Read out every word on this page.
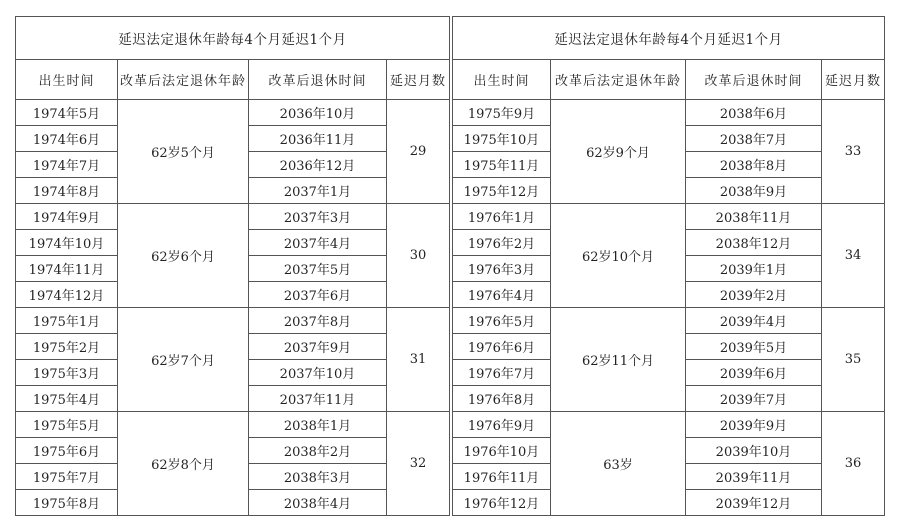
延迟法定退休年龄每4个月延迟1个月			
出生时间	改革后法定退休年龄	改革后退休时间	延迟月数
1974年5月	62岁5个月	2036年10月	29
1974年6月		2036年11月	
1974年7月		2036年12月	
1974年8月		2037年1月	
1974年9月	62岁6个月	2037年3月	30
1974年10月		2037年4月	
1974年11月		2037年5月	
1974年12月		2037年6月	
1975年1月	62岁7个月	2037年8月	31
1975年2月		2037年9月	
1975年3月		2037年10月	
1975年4月		2037年11月	
1975年5月	62岁8个月	2038年1月	32
1975年6月		2038年2月	
1975年7月		2038年3月	
1975年8月		2038年4月	
延迟法定退休年龄每4个月延迟1个月			
出生时间	改革后法定退休年龄	改革后退休时间	延迟月数
1975年9月	62岁9个月	2038年6月	33
1975年10月		2038年7月	
1975年11月		2038年8月	
1975年12月		2038年9月	
1976年1月	62岁10个月	2038年11月	34
1976年2月		2038年12月	
1976年3月		2039年1月	
1976年4月		2039年2月	
1976年5月	62岁11个月	2039年4月	35
1976年6月		2039年5月	
1976年7月		2039年6月	
1976年8月		2039年7月	
1976年9月	63岁	2039年9月	36
1976年10月		2039年10月	
1976年11月		2039年11月	
1976年12月		2039年12月	
